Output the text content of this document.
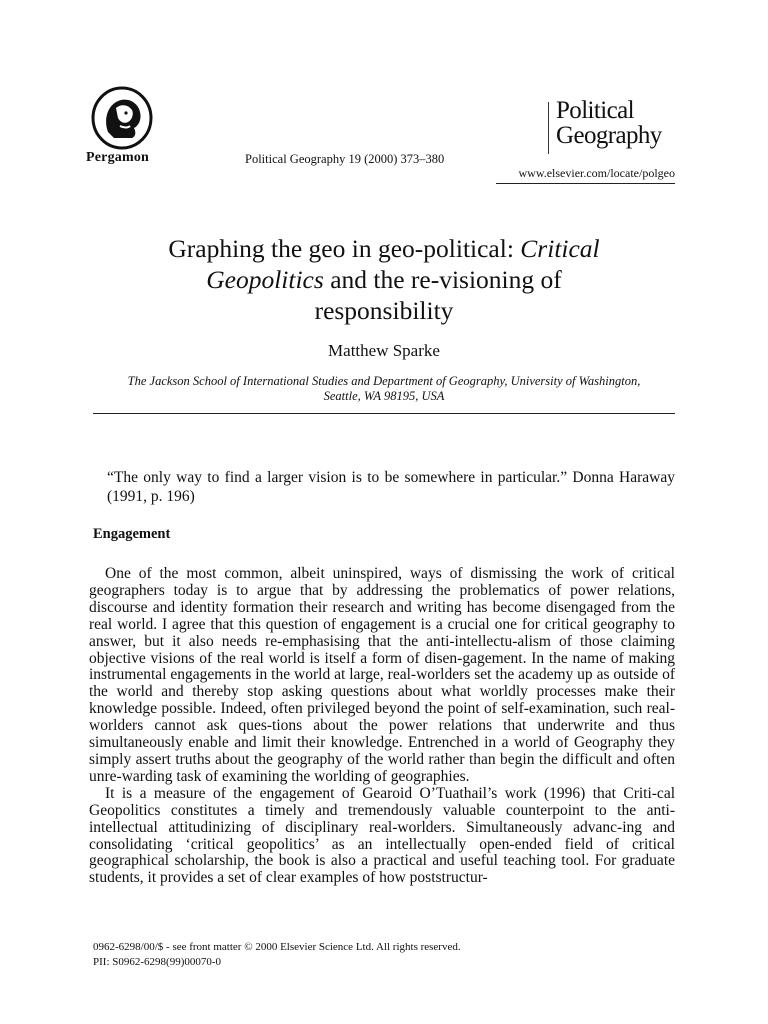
Pergamon	Political Geography 19 (2000) 373–380
Political
Geography
www.elsevier.com/locate/polgeo
Graphing the geo in geo-political: Critical
Geopolitics and the re-visioning of
responsibility
Matthew Sparke
The Jackson School of International Studies and Department of Geography, University of Washington,
Seattle, WA 98195, USA
“The only way to find a larger vision is to be somewhere in particular.” Donna Haraway (1991, p. 196)
Engagement

One of the most common, albeit uninspired, ways of dismissing the work of critical geographers today is to argue that by addressing the problematics of power relations, discourse and identity formation their research and writing has become disengaged from the real world. I agree that this question of engagement is a crucial one for critical geography to answer, but it also needs re-emphasising that the anti-intellectu-alism of those claiming objective visions of the real world is itself a form of disen-gagement. In the name of making instrumental engagements in the world at large, real-worlders set the academy up as outside of the world and thereby stop asking questions about what worldly processes make their knowledge possible. Indeed, often privileged beyond the point of self-examination, such real-worlders cannot ask ques-tions about the power relations that underwrite and thus simultaneously enable and limit their knowledge. Entrenched in a world of Geography they simply assert truths about the geography of the world rather than begin the difficult and often unre-warding task of examining the worlding of geographies.

It is a measure of the engagement of Gearoid O’Tuathail’s work (1996) that Criti-cal Geopolitics constitutes a timely and tremendously valuable counterpoint to the anti-intellectual attitudinizing of disciplinary real-worlders. Simultaneously advanc-ing and consolidating ‘critical geopolitics’ as an intellectually open-ended field of critical geographical scholarship, the book is also a practical and useful teaching tool. For graduate students, it provides a set of clear examples of how poststructur-

0962-6298/00/$ - see front matter © 2000 Elsevier Science Ltd. All rights reserved.
PII: S0962-6298(99)00070-0
